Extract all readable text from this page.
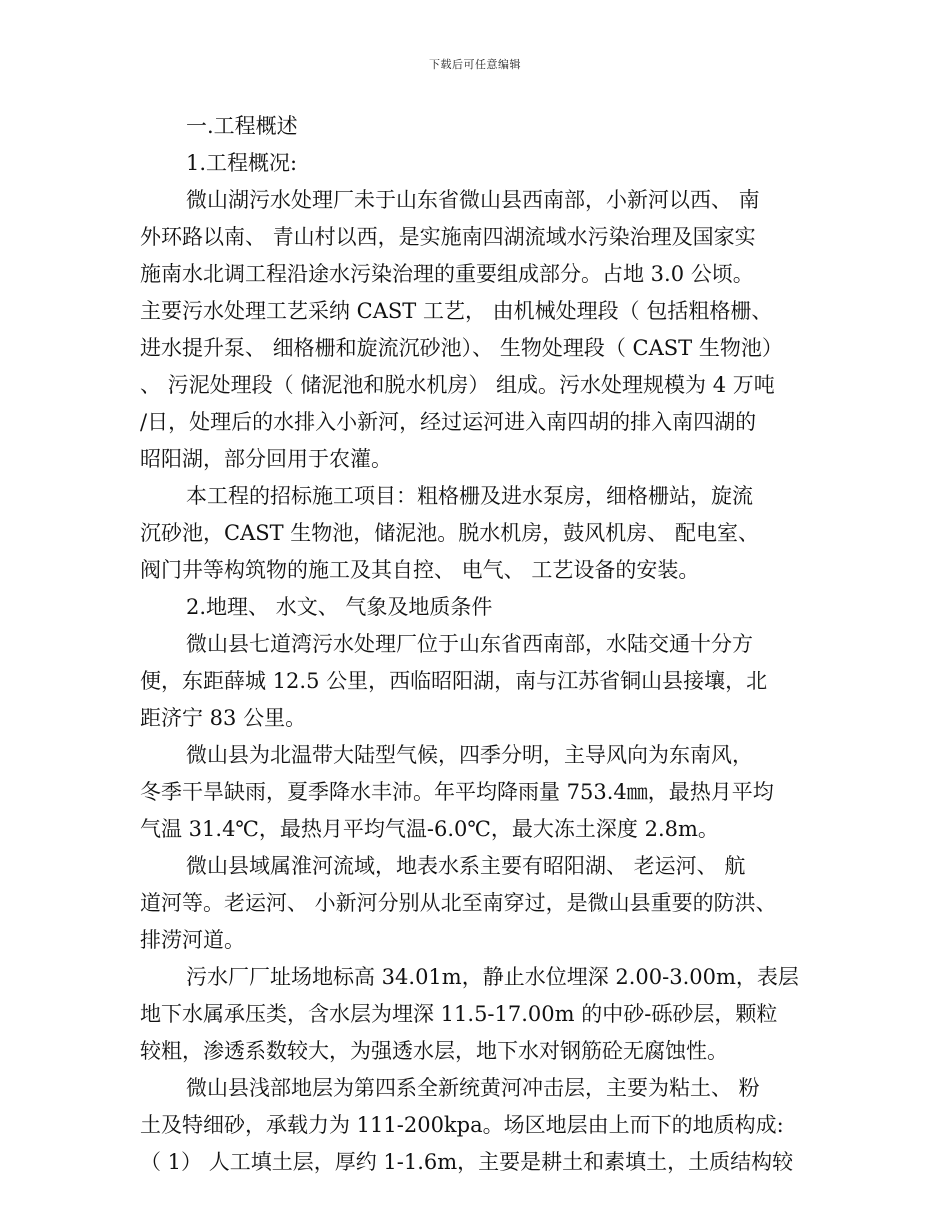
下载后可任意编辑
一.工程概述
1.工程概况:
微山湖污水处理厂未于山东省微山县西南部，小新河以西、 南
外环路以南、 青山村以西，是实施南四湖流域水污染治理及国家实
施南水北调工程沿途水污染治理的重要组成部分。占地 3.0 公顷。
主要污水处理工艺采纳 CAST 工艺， 由机械处理段（ 包括粗格栅、
进水提升泵、 细格栅和旋流沉砂池）、 生物处理段（ CAST 生物池）
、 污泥处理段（ 储泥池和脱水机房） 组成。污水处理规模为 4 万吨
/日，处理后的水排入小新河，经过运河进入南四胡的排入南四湖的
昭阳湖，部分回用于农灌。
本工程的招标施工项目：粗格栅及进水泵房，细格栅站，旋流
沉砂池，CAST 生物池，储泥池。脱水机房，鼓风机房、 配电室、
阀门井等构筑物的施工及其自控、 电气、 工艺设备的安装。
2.地理、 水文、 气象及地质条件
微山县七道湾污水处理厂位于山东省西南部，水陆交通十分方
便，东距薛城 12.5 公里，西临昭阳湖，南与江苏省铜山县接壤，北
距济宁 83 公里。
微山县为北温带大陆型气候，四季分明，主导风向为东南风，
冬季干旱缺雨，夏季降水丰沛。年平均降雨量 753.4㎜，最热月平均
气温 31.4℃，最热月平均气温-6.0℃，最大冻土深度 2.8m。
微山县域属淮河流域，地表水系主要有昭阳湖、 老运河、 航
道河等。老运河、 小新河分别从北至南穿过，是微山县重要的防洪、
排涝河道。
污水厂厂址场地标高 34.01m，静止水位埋深 2.00-3.00m，表层
地下水属承压类，含水层为埋深 11.5-17.00m 的中砂-砾砂层，颗粒
较粗，渗透系数较大，为强透水层，地下水对钢筋砼无腐蚀性。
微山县浅部地层为第四系全新统黄河冲击层，主要为粘土、 粉
土及特细砂，承载力为 111-200kpa。场区地层由上而下的地质构成:
（ 1） 人工填土层，厚约 1-1.6m，主要是耕土和素填土，土质结构较
